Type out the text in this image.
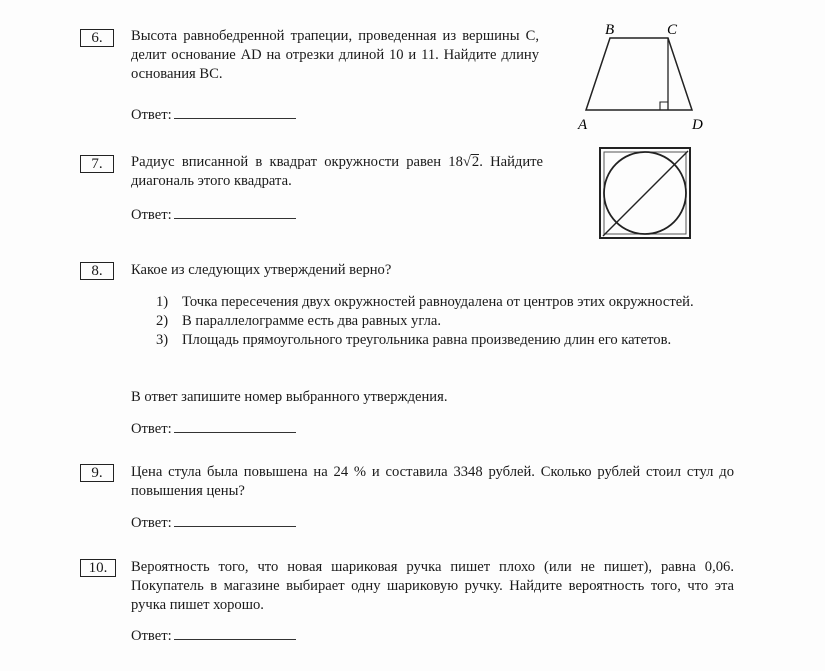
6.	Высота равнобедренной трапеции, проведенная из вершины C, делит основание AD на отрезки длиной 10 и 11. Найдите длину основания BC.
Ответ:
B	C
A	D
7.	Радиус вписанной в квадрат окружности равен 18√2. Найдите диагональ этого квадрата.
Ответ:
8.	Какое из следующих утверждений верно?
1) Точка пересечения двух окружностей равноудалена от центров этих окружностей.
2) В параллелограмме есть два равных угла.
3) Площадь прямоугольного треугольника равна произведению длин его катетов.
В ответ запишите номер выбранного утверждения.
Ответ:
9.	Цена стула была повышена на 24 % и составила 3348 рублей. Сколько рублей стоил стул до повышения цены?
Ответ:
10.	Вероятность того, что новая шариковая ручка пишет плохо (или не пишет), равна 0,06. Покупатель в магазине выбирает одну шариковую ручку. Найдите вероятность того, что эта ручка пишет хорошо.
Ответ:
